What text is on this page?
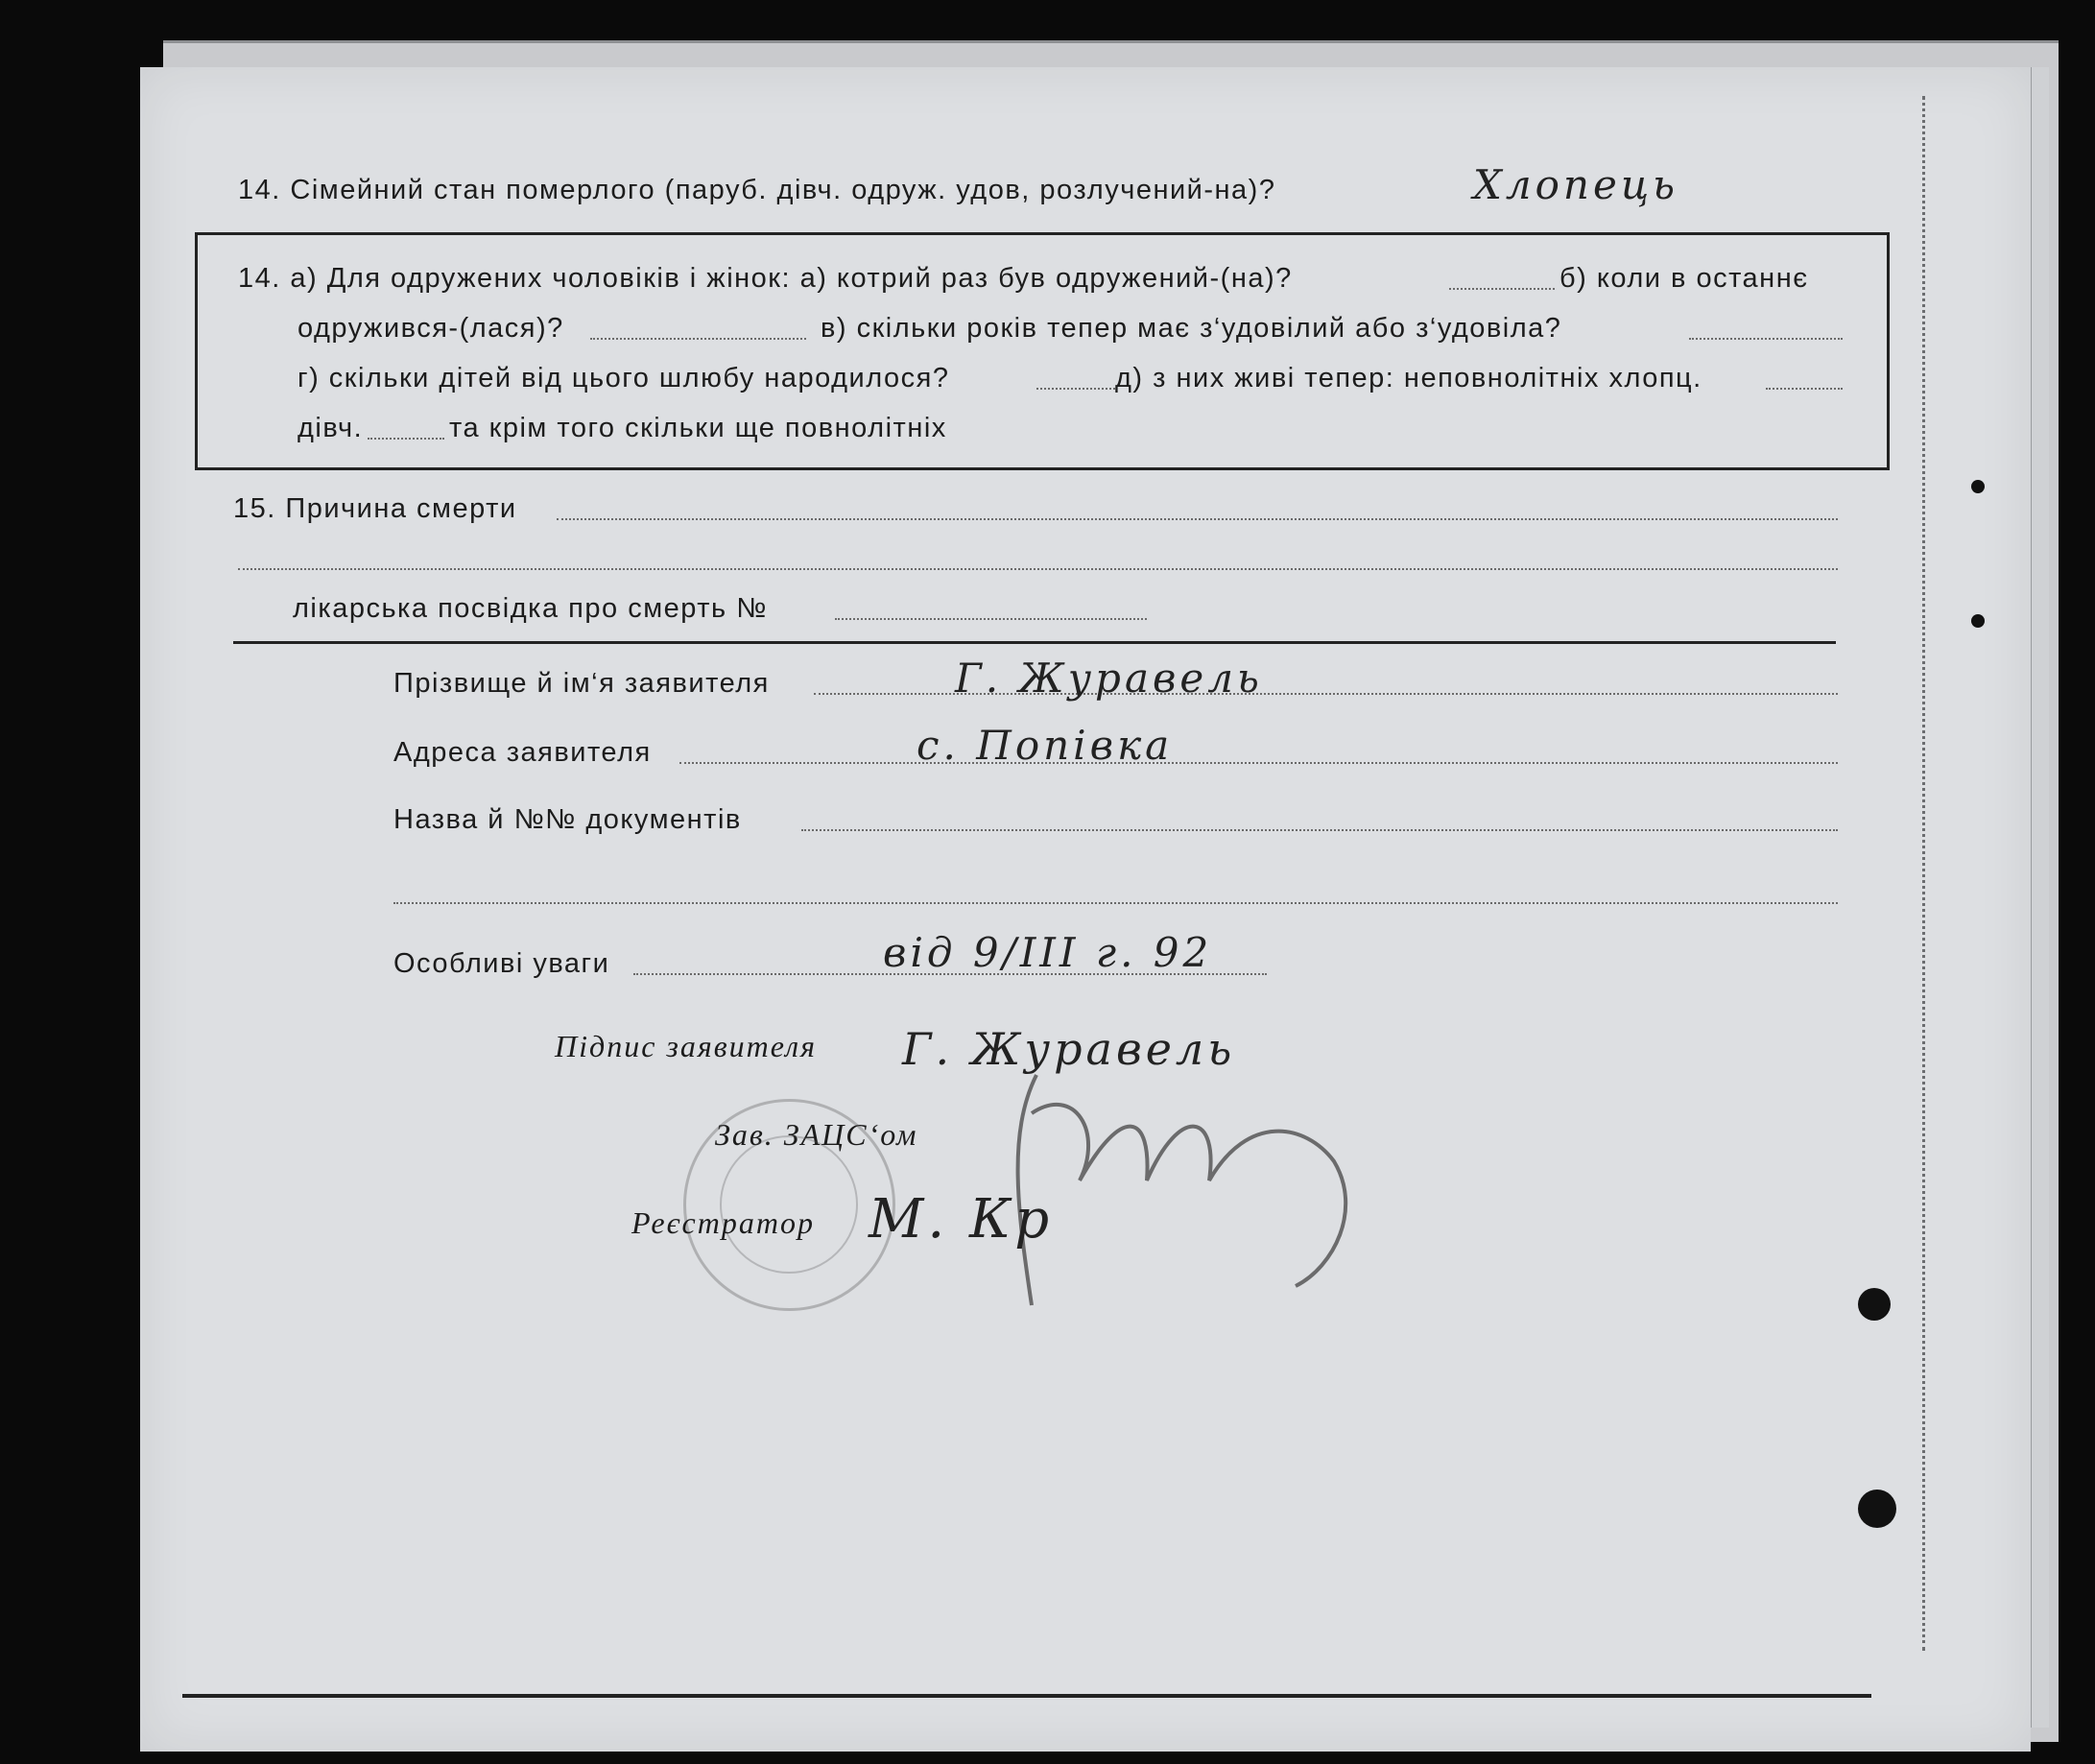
14. Сімейний стан померлого (паруб. дівч. одруж. удов, розлучений-на)?	Хлопець
14. а) Для одружених чоловіків і жінок: а) котрий раз був одружений-(на)?	б) коли в останнє
одружився-(лася)?	в) скільки років тепер має з‘удовілий або з‘удовіла?
г) скільки дітей від цього шлюбу народилося?	д) з них живі тепер: неповнолітніх хлопц.
дівч.	та крім того скільки ще повнолітніх
15. Причина смерти
лікарська посвідка про смерть №
Прізвище й ім‘я заявителя	Г. Журавель
Адреса заявителя	с. Попівка
Назва й №№ документів
Особливі уваги	від 9/III г. 92
Підпис заявителя Г. Журавель
Зав. ЗАЦС‘ом
Реєстратор М. Кр
